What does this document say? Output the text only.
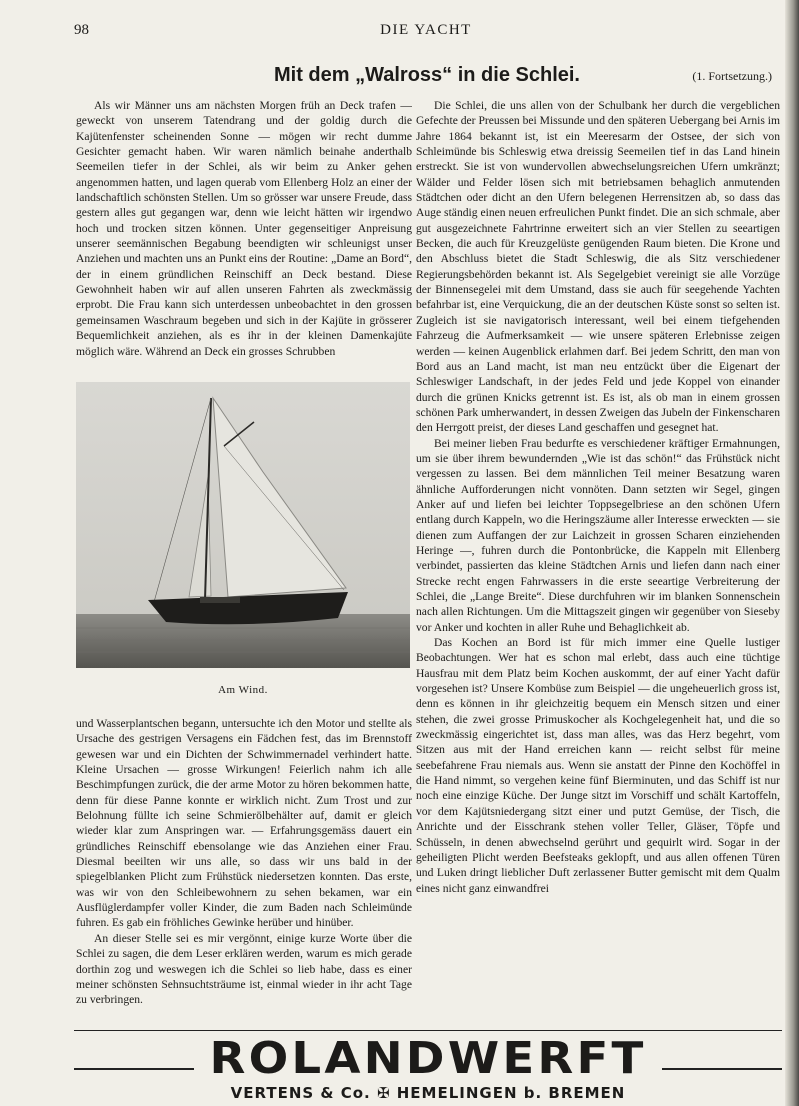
98	DIE YACHT
Mit dem „Walross“ in die Schlei.	(1. Fortsetzung.)

Als wir Männer uns am nächsten Morgen früh an Deck trafen — geweckt von unserem Tatendrang und der goldig durch die Kajütenfenster scheinenden Sonne — mögen wir recht dumme Gesichter gemacht haben. Wir waren nämlich beinahe anderthalb Seemeilen tiefer in der Schlei, als wir beim zu Anker gehen angenommen hatten, und lagen querab vom Ellenberg Holz an einer der landschaftlich schönsten Stellen. Um so grösser war unsere Freude, dass gestern alles gut gegangen war, denn wie leicht hätten wir irgendwo hoch und trocken sitzen können. Unter gegenseitiger Anpreisung unserer seemännischen Begabung beendigten wir schleunigst unser Anziehen und machten uns an Punkt eins der Routine: „Dame an Bord“, der in einem gründlichen Reinschiff an Deck bestand. Diese Gewohnheit haben wir auf allen unseren Fahrten als zweckmässig erprobt. Die Frau kann sich unterdessen unbeobachtet in den grossen gemeinsamen Waschraum begeben und sich in der Kajüte in grösserer Bequemlichkeit anziehen, als es ihr in der kleinen Damenkajüte möglich wäre. Während an Deck ein grosses Schrubben

Am Wind.

und Wasserplantschen begann, untersuchte ich den Motor und stellte als Ursache des gestrigen Versagens ein Fädchen fest, das im Brennstoff gewesen war und ein Dichten der Schwimmernadel verhindert hatte. Kleine Ursachen — grosse Wirkungen! Feierlich nahm ich alle Beschimpfungen zurück, die der arme Motor zu hören bekommen hatte, denn für diese Panne konnte er wirklich nicht. Zum Trost und zur Belohnung füllte ich seine Schmierölbehälter auf, damit er gleich wieder klar zum Anspringen war. — Erfahrungsgemäss dauert ein gründliches Reinschiff ebensolange wie das Anziehen einer Frau. Diesmal beeilten wir uns alle, so dass wir uns bald in der spiegelblanken Plicht zum Frühstück niedersetzen konnten. Das erste, was wir von den Schleibewohnern zu sehen bekamen, war ein Ausflüglerdampfer voller Kinder, die zum Baden nach Schleimünde fuhren. Es gab ein fröhliches Gewinke herüber und hinüber.

An dieser Stelle sei es mir vergönnt, einige kurze Worte über die Schlei zu sagen, die dem Leser erklären werden, warum es mich gerade dorthin zog und weswegen ich die Schlei so lieb habe, dass es einer meiner schönsten Sehnsuchtsträume ist, einmal wieder in ihr acht Tage zu verbringen.

Die Schlei, die uns allen von der Schulbank her durch die vergeblichen Gefechte der Preussen bei Missunde und den späteren Uebergang bei Arnis im Jahre 1864 bekannt ist, ist ein Meeresarm der Ostsee, der sich von Schleimünde bis Schleswig etwa dreissig Seemeilen tief in das Land hinein erstreckt. Sie ist von wundervollen abwechselungsreichen Ufern umkränzt; Wälder und Felder lösen sich mit betriebsamen behaglich anmutenden Städtchen oder dicht an den Ufern belegenen Herrensitzen ab, so dass das Auge ständig einen neuen erfreulichen Punkt findet. Die an sich schmale, aber gut ausgezeichnete Fahrtrinne erweitert sich an vier Stellen zu seeartigen Becken, die auch für Kreuzgelüste genügenden Raum bieten. Die Krone und den Abschluss bietet die Stadt Schleswig, die als Sitz verschiedener Regierungsbehörden bekannt ist. Als Segelgebiet vereinigt sie alle Vorzüge der Binnensegelei mit dem Umstand, dass sie auch für seegehende Yachten befahrbar ist, eine Verquickung, die an der deutschen Küste sonst so selten ist. Zugleich ist sie navigatorisch interessant, weil bei einem tiefgehenden Fahrzeug die Aufmerksamkeit — wie unsere späteren Erlebnisse zeigen werden — keinen Augenblick erlahmen darf. Bei jedem Schritt, den man von Bord aus an Land macht, ist man neu entzückt über die Eigenart der Schleswiger Landschaft, in der jedes Feld und jede Koppel von einander durch die grünen Knicks getrennt ist. Es ist, als ob man in einem grossen schönen Park umherwandert, in dessen Zweigen das Jubeln der Finkenscharen den Herrgott preist, der dieses Land geschaffen und gesegnet hat.

Bei meiner lieben Frau bedurfte es verschiedener kräftiger Ermahnungen, um sie über ihrem bewundernden „Wie ist das schön!“ das Frühstück nicht vergessen zu lassen. Bei dem männlichen Teil meiner Besatzung waren ähnliche Aufforderungen nicht vonnöten. Dann setzten wir Segel, gingen Anker auf und liefen bei leichter Toppsegelbriese an den schönen Ufern entlang durch Kappeln, wo die Heringszäume aller Interesse erweckten — sie dienen zum Auffangen der zur Laichzeit in grossen Scharen einziehenden Heringe —, fuhren durch die Pontonbrücke, die Kappeln mit Ellenberg verbindet, passierten das kleine Städtchen Arnis und liefen dann nach einer Strecke recht engen Fahrwassers in die erste seeartige Verbreiterung der Schlei, die „Lange Breite“. Diese durchfuhren wir im blanken Sonnenschein nach allen Richtungen. Um die Mittagszeit gingen wir gegenüber von Sieseby vor Anker und kochten in aller Ruhe und Behaglichkeit ab.

Das Kochen an Bord ist für mich immer eine Quelle lustiger Beobachtungen. Wer hat es schon mal erlebt, dass auch eine tüchtige Hausfrau mit dem Platz beim Kochen auskommt, der auf einer Yacht dafür vorgesehen ist? Unsere Kombüse zum Beispiel — die ungeheuerlich gross ist, denn es können in ihr gleichzeitig bequem ein Mensch sitzen und einer stehen, die zwei grosse Primuskocher als Kochgelegenheit hat, und die so zweckmässig eingerichtet ist, dass man alles, was das Herz begehrt, vom Sitzen aus mit der Hand erreichen kann — reicht selbst für meine seebefahrene Frau niemals aus. Wenn sie anstatt der Pinne den Kochöffel in die Hand nimmt, so vergehen keine fünf Bierminuten, und das Schiff ist nur noch eine einzige Küche. Der Junge sitzt im Vorschiff und schält Kartoffeln, vor dem Kajütsniedergang sitzt einer und putzt Gemüse, der Tisch, die Anrichte und der Eisschrank stehen voller Teller, Gläser, Töpfe und Schüsseln, in denen abwechselnd gerührt und gequirlt wird. Sogar in der geheiligten Plicht werden Beefsteaks geklopft, und aus allen offenen Türen und Luken dringt lieblicher Duft zerlassener Butter gemischt mit dem Qualm eines nicht ganz einwandfrei

ROLANDWERFT
VERTENS & Co. ✠ HEMELINGEN b. BREMEN
